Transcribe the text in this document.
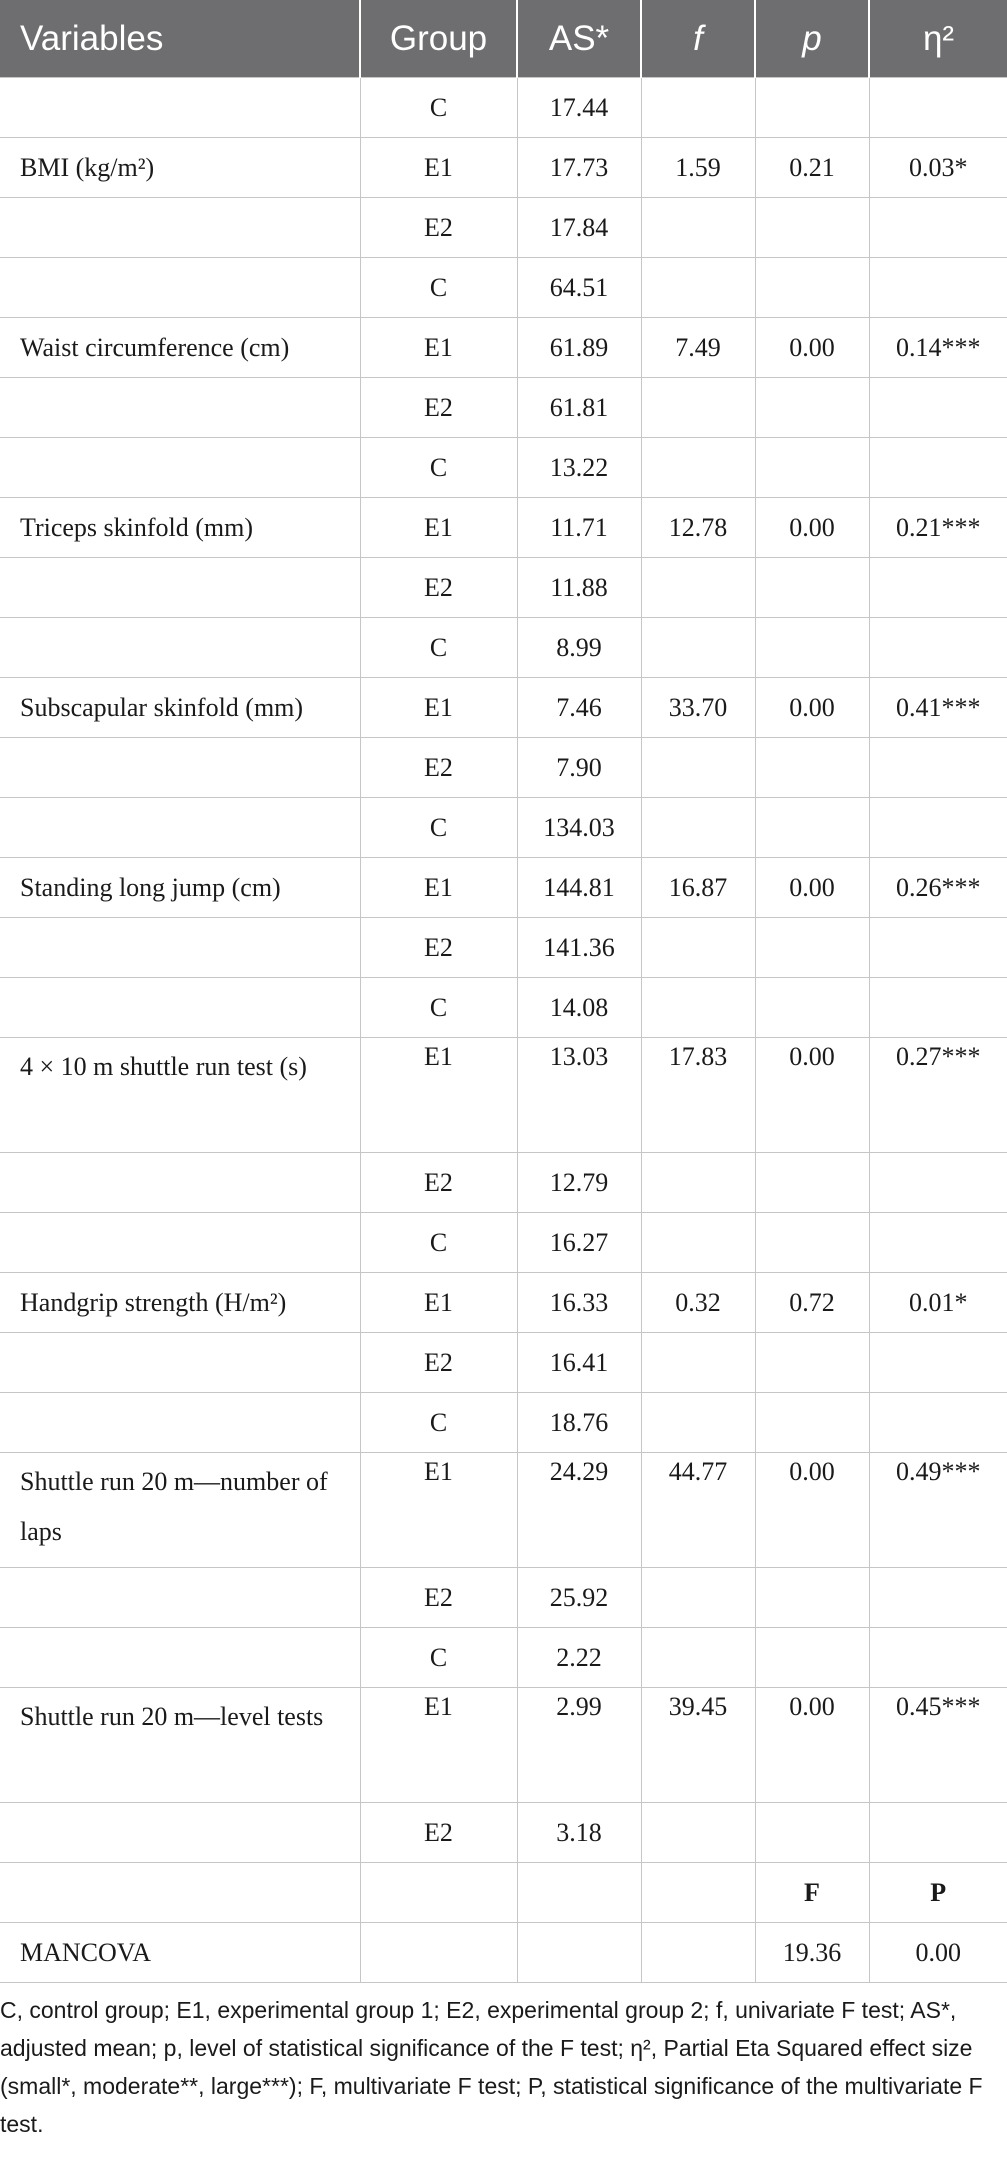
Variables	Group	AS*	f	p	η²
	C	17.44			
BMI (kg/m²)	E1	17.73	1.59	0.21	0.03*
	E2	17.84			
	C	64.51			
Waist circumference (cm)	E1	61.89	7.49	0.00	0.14***
	E2	61.81			
	C	13.22			
Triceps skinfold (mm)	E1	11.71	12.78	0.00	0.21***
	E2	11.88			
	C	8.99			
Subscapular skinfold (mm)	E1	7.46	33.70	0.00	0.41***
	E2	7.90			
	C	134.03			
Standing long jump (cm)	E1	144.81	16.87	0.00	0.26***
	E2	141.36			
	C	14.08			
4 × 10 m shuttle run test (s)	E1	13.03	17.83	0.00	0.27***
	E2	12.79			
	C	16.27			
Handgrip strength (H/m²)	E1	16.33	0.32	0.72	0.01*
	E2	16.41			
	C	18.76			
Shuttle run 20 m—number of laps	E1	24.29	44.77	0.00	0.49***
	E2	25.92			
	C	2.22			
Shuttle run 20 m—level tests	E1	2.99	39.45	0.00	0.45***
	E2	3.18			
				F	P
MANCOVA				19.36	0.00

C, control group; E1, experimental group 1; E2, experimental group 2; f, univariate F test; AS*, adjusted mean; p, level of statistical significance of the F test; η², Partial Eta Squared effect size (small*, moderate**, large***); F, multivariate F test; P, statistical significance of the multivariate F test.
